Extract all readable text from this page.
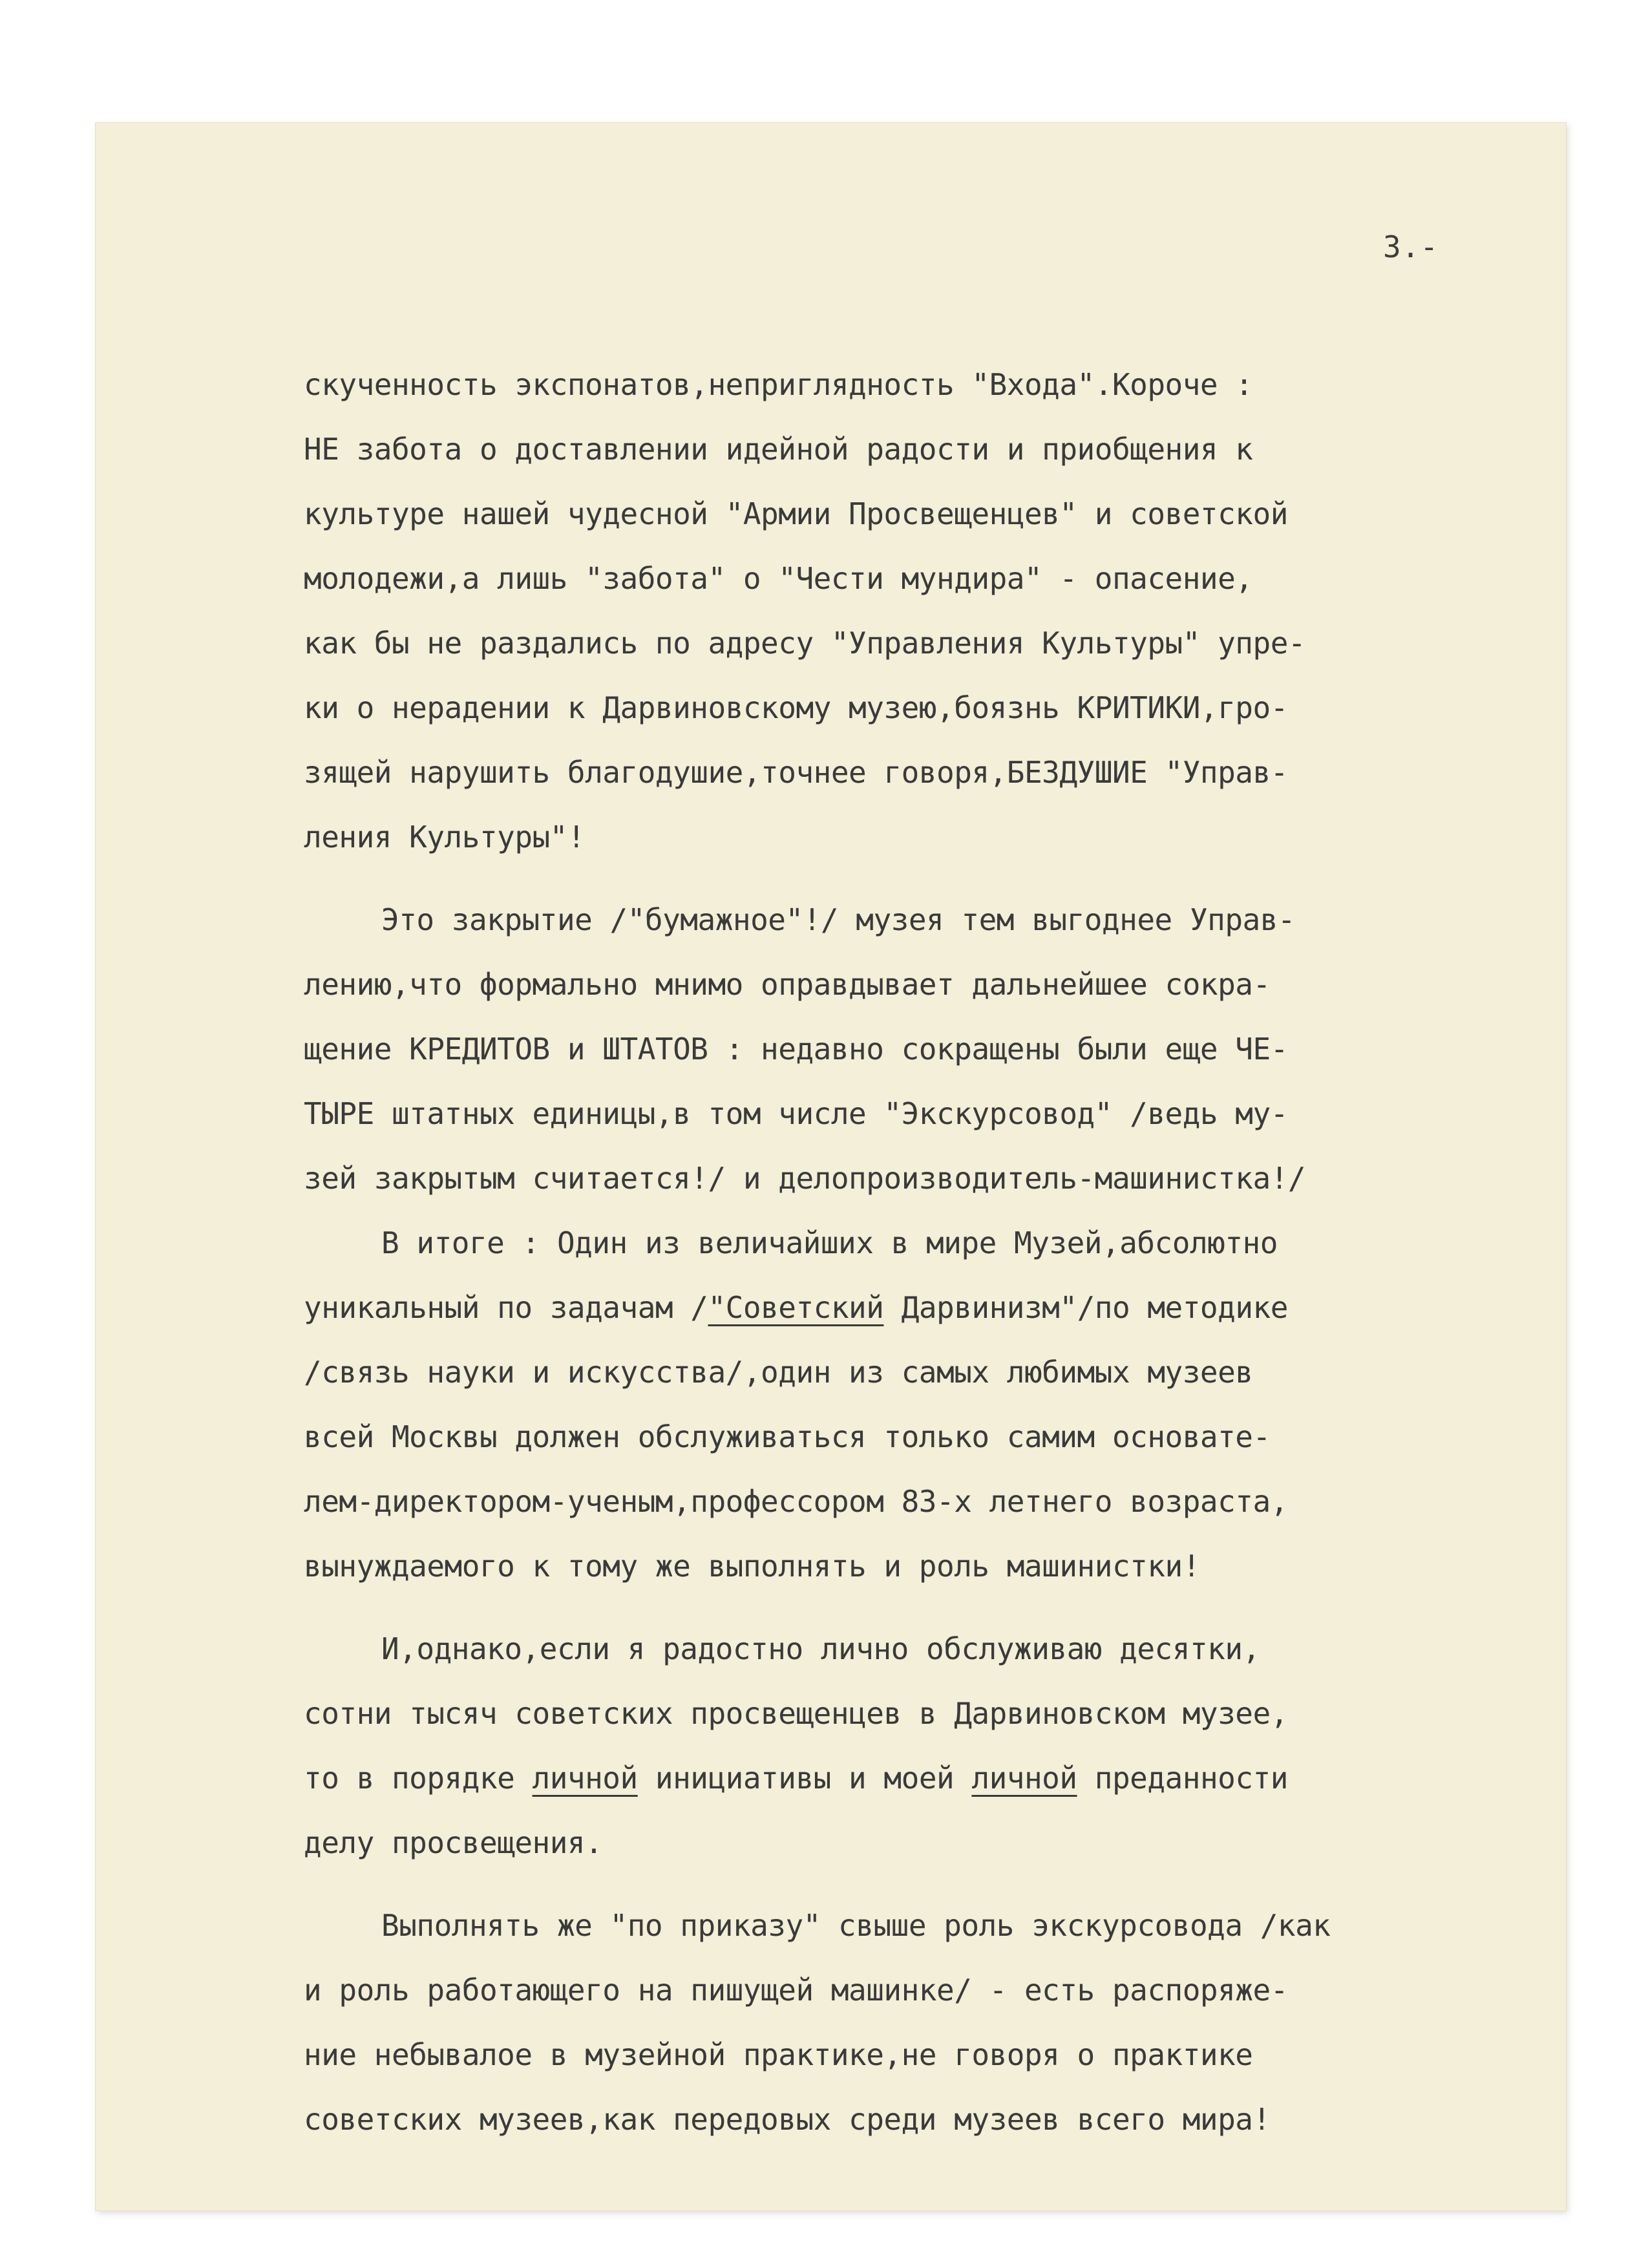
3.-
скученность экспонатов,неприглядность "Входа".Короче :
НЕ забота о доставлении идейной радости и приобщения к
культуре нашей чудесной "Армии Просвещенцев" и советской
молодежи,а лишь "забота" о "Чести мундира" - опасение,
как бы не раздались по адресу "Управления Культуры" упре-
ки о нерадении к Дарвиновскому музею,боязнь КРИТИКИ,гро-
зящей нарушить благодушие,точнее говоря,БЕЗДУШИЕ "Управ-
ления Культуры"!
Это закрытие /"бумажное"!/ музея тем выгоднее Управ-
лению,что формально мнимо оправдывает дальнейшее сокра-
щение КРЕДИТОВ и ШТАТОВ : недавно сокращены были еще ЧЕ-
ТЫРЕ штатных единицы,в том числе "Экскурсовод" /ведь му-
зей закрытым считается!/ и делопроизводитель-машинистка!/
В итоге : Один из величайших в мире Музей,абсолютно
уникальный по задачам /"Советский Дарвинизм"/по методике
/связь науки и искусства/,один из самых любимых музеев
всей Москвы должен обслуживаться только самим основате-
лем-директором-ученым,профессором 83-х летнего возраста,
вынуждаемого к тому же выполнять и роль машинистки!
И,однако,если я радостно лично обслуживаю десятки,
сотни тысяч советских просвещенцев в Дарвиновском музее,
то в порядке личной инициативы и моей личной преданности
делу просвещения.
Выполнять же "по приказу" свыше роль экскурсовода /как
и роль работающего на пишущей машинке/ - есть распоряже-
ние небывалое в музейной практике,не говоря о практике
советских музеев,как передовых среди музеев всего мира!
